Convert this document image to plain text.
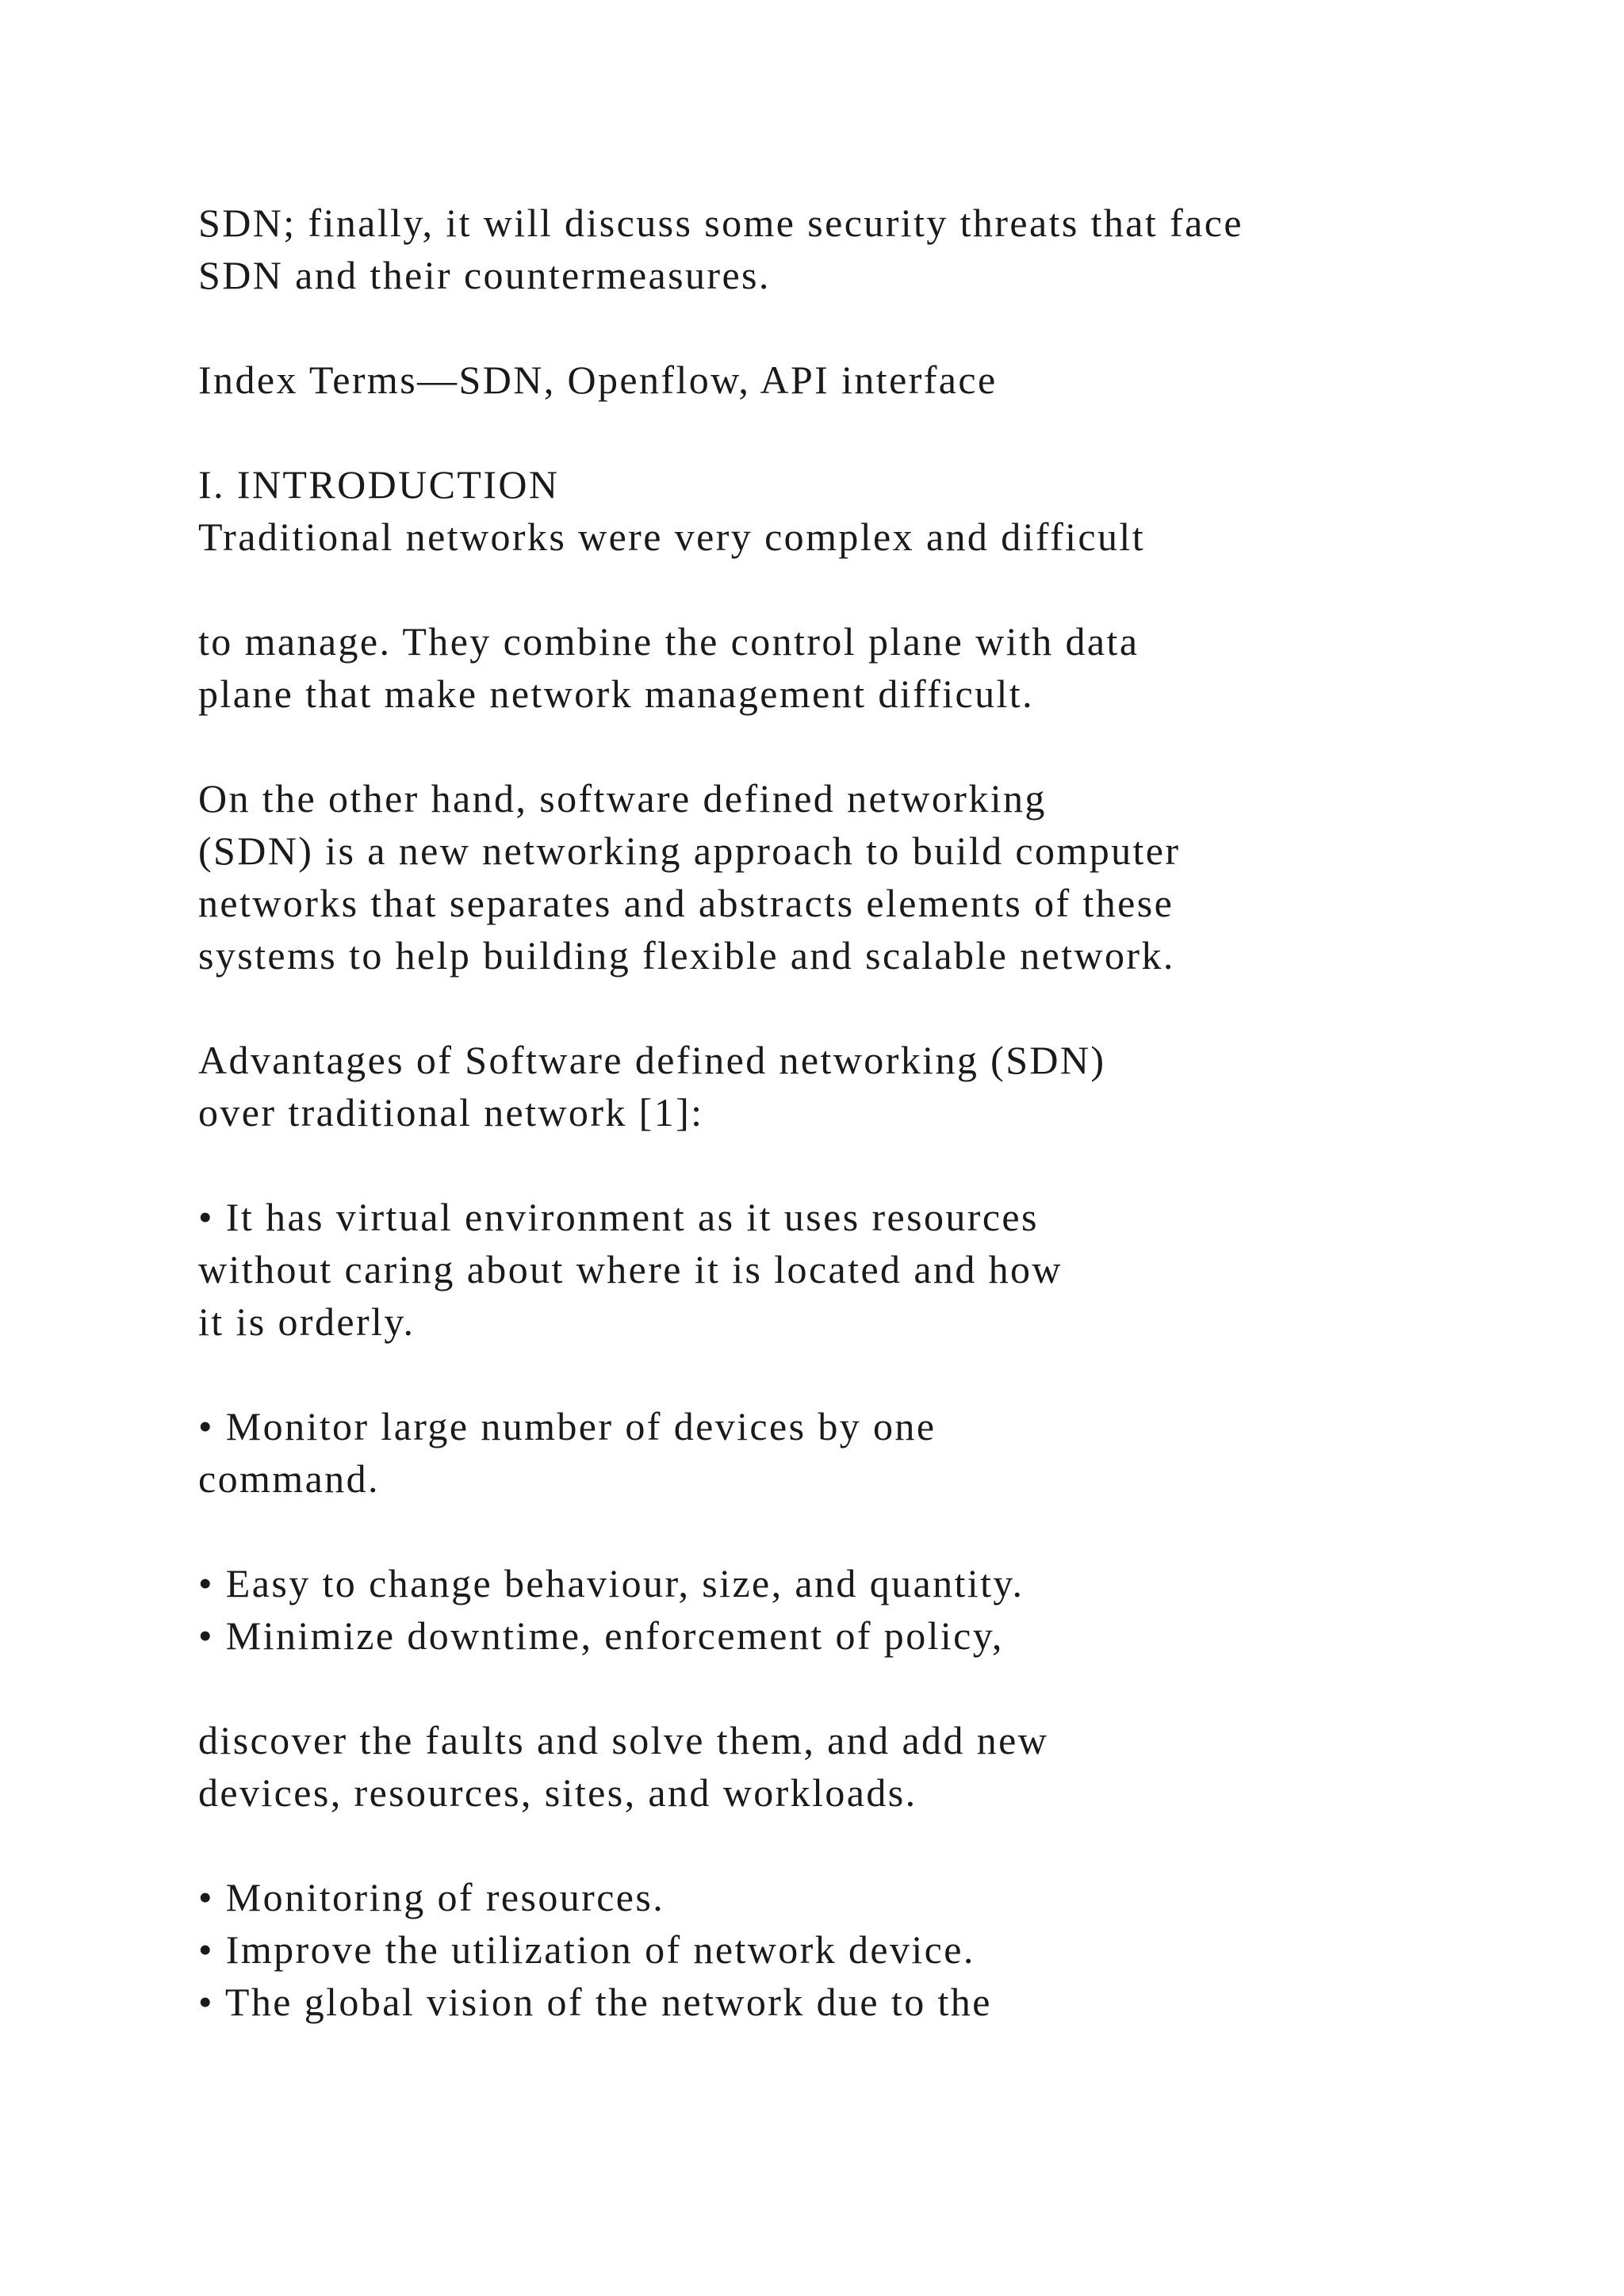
SDN; finally, it will discuss some security threats that face
SDN and their countermeasures.
Index Terms—SDN, Openflow, API interface
I. INTRODUCTION
Traditional networks were very complex and difficult
to manage. They combine the control plane with data
plane that make network management difficult.
On the other hand, software defined networking
(SDN) is a new networking approach to build computer
networks that separates and abstracts elements of these
systems to help building flexible and scalable network.
Advantages of Software defined networking (SDN)
over traditional network [1]:
• It has virtual environment as it uses resources
without caring about where it is located and how
it is orderly.
• Monitor large number of devices by one
command.
• Easy to change behaviour, size, and quantity.
• Minimize downtime, enforcement of policy,
discover the faults and solve them, and add new
devices, resources, sites, and workloads.
• Monitoring of resources.
• Improve the utilization of network device.
• The global vision of the network due to the
